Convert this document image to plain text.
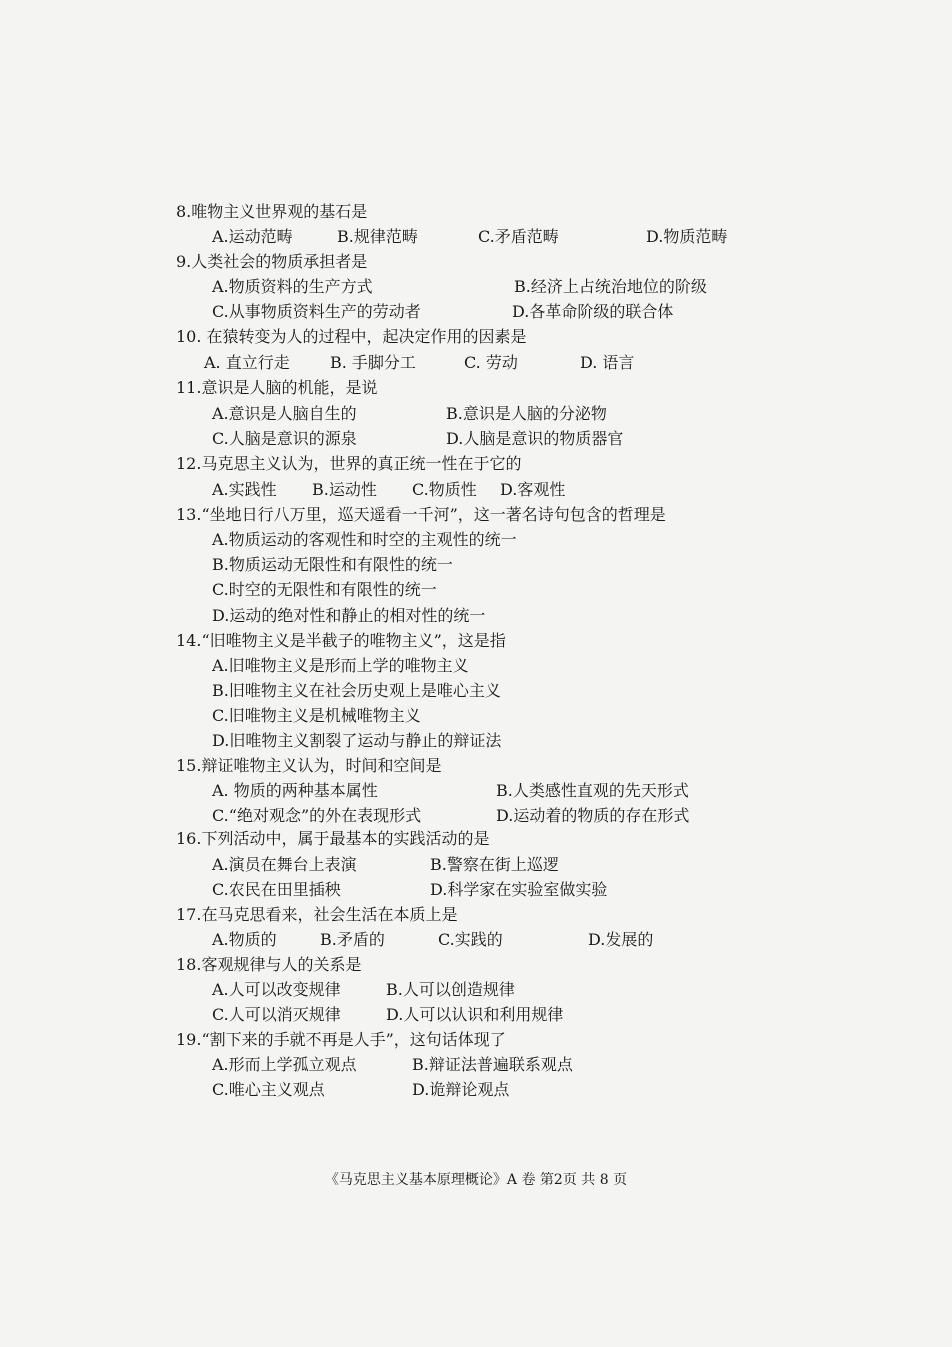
8.唯物主义世界观的基石是
A.运动范畴	B.规律范畴	C.矛盾范畴	D.物质范畴
9.人类社会的物质承担者是
A.物质资料的生产方式	B.经济上占统治地位的阶级
C.从事物质资料生产的劳动者	D.各革命阶级的联合体
10. 在猿转变为人的过程中，起决定作用的因素是
A. 直立行走	B. 手脚分工	C. 劳动	D. 语言
11.意识是人脑的机能，是说
A.意识是人脑自生的	B.意识是人脑的分泌物
C.人脑是意识的源泉	D.人脑是意识的物质器官
12.马克思主义认为，世界的真正统一性在于它的
A.实践性 B.运动性 C.物质性 D.客观性
13.“坐地日行八万里，巡天遥看一千河”，这一著名诗句包含的哲理是
A.物质运动的客观性和时空的主观性的统一
B.物质运动无限性和有限性的统一
C.时空的无限性和有限性的统一
D.运动的绝对性和静止的相对性的统一
14.“旧唯物主义是半截子的唯物主义”，这是指
A.旧唯物主义是形而上学的唯物主义
B.旧唯物主义在社会历史观上是唯心主义
C.旧唯物主义是机械唯物主义
D.旧唯物主义割裂了运动与静止的辩证法
15.辩证唯物主义认为，时间和空间是
A. 物质的两种基本属性	B.人类感性直观的先天形式
C.“绝对观念”的外在表现形式	D.运动着的物质的存在形式
16.下列活动中，属于最基本的实践活动的是
A.演员在舞台上表演	B.警察在街上巡逻
C.农民在田里插秧	D.科学家在实验室做实验
17.在马克思看来，社会生活在本质上是
A.物质的	B.矛盾的	C.实践的	D.发展的
18.客观规律与人的关系是
A.人可以改变规律	B.人可以创造规律
C.人可以消灭规律	D.人可以认识和利用规律
19.“割下来的手就不再是人手”，这句话体现了
A.形而上学孤立观点	B.辩证法普遍联系观点
C.唯心主义观点	D.诡辩论观点
《马克思主义基本原理概论》A 卷 第2页 共 8 页
